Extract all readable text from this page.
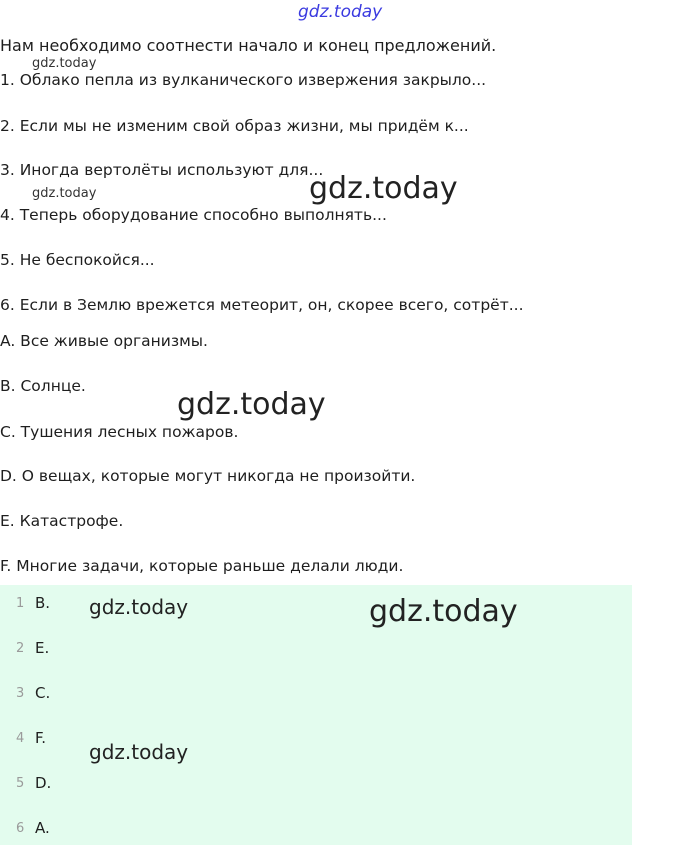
gdz.today
gdz.today
gdz.today	gdz.today
gdz.today
Нам необходимо соотнести начало и конец предложений.
1. Облако пепла из вулканического извержения закрыло...
2. Если мы не изменим свой образ жизни, мы придём к...
3. Иногда вертолёты используют для...
4. Теперь оборудование способно выполнять...
5. Не беспокойся...
6. Если в Землю врежется метеорит, он, скорее всего, сотрёт...
A. Все живые организмы.
B. Солнце.
C. Тушения лесных пожаров.
D. О вещах, которые могут никогда не произойти.
E. Катастрофе.
F. Многие задачи, которые раньше делали люди.
1 B.
2 E.
3 C.
4 F.
5 D.
6 A.
gdz.today	gdz.today
gdz.today
